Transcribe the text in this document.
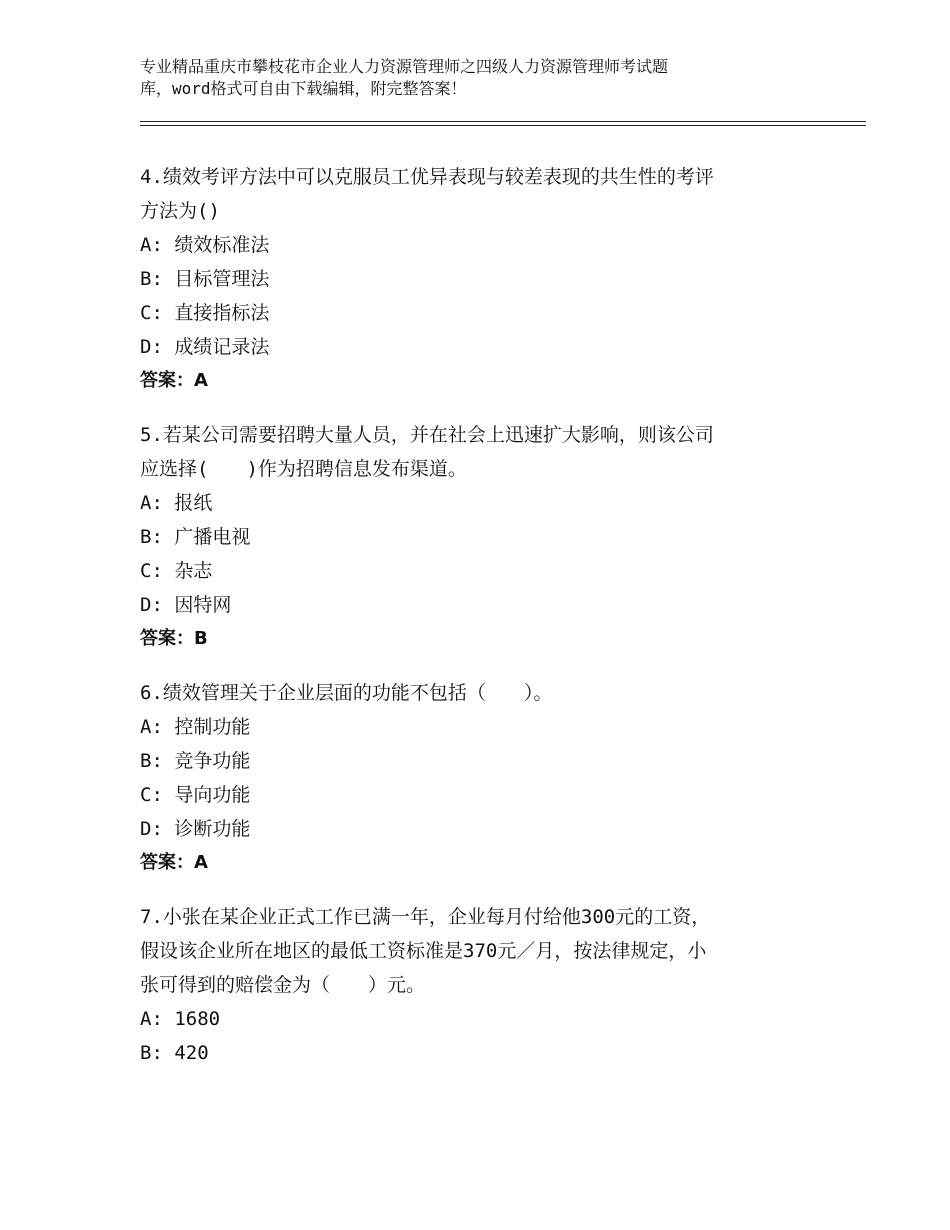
专业精品重庆市攀枝花市企业人力资源管理师之四级人力资源管理师考试题
库，word格式可自由下载编辑，附完整答案！

4.绩效考评方法中可以克服员工优异表现与较差表现的共生性的考评

方法为()

A: 绩效标准法

B: 目标管理法

C: 直接指标法

D: 成绩记录法

答案：A

5.若某公司需要招聘大量人员，并在社会上迅速扩大影响，则该公司

应选择(　　)作为招聘信息发布渠道。

A: 报纸

B: 广播电视

C: 杂志

D: 因特网

答案：B

6.绩效管理关于企业层面的功能不包括（　　）。

A: 控制功能

B: 竞争功能

C: 导向功能

D: 诊断功能

答案：A

7.小张在某企业正式工作已满一年，企业每月付给他300元的工资，

假设该企业所在地区的最低工资标准是370元／月，按法律规定，小

张可得到的赔偿金为（　　）元。

A: 1680

B: 420
